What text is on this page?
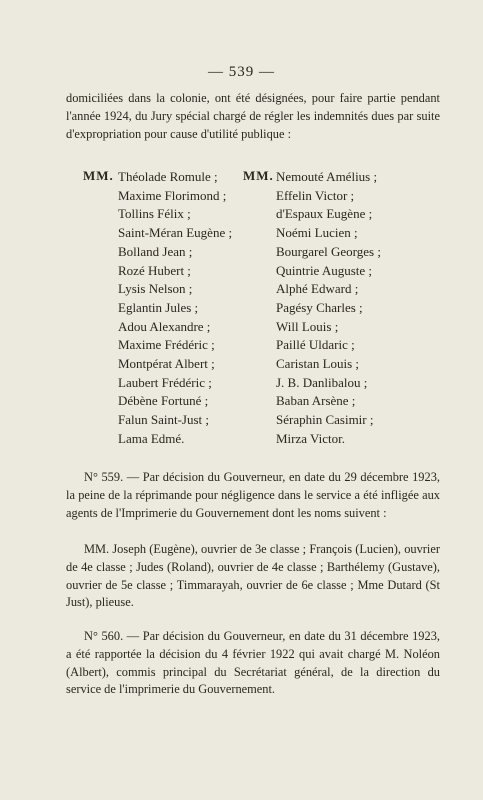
— 539 —
domiciliées dans la colonie, ont été désignées, pour faire partie pendant l'année 1924, du Jury spécial chargé de régler les indemnités dues par suite d'expropriation pour cause d'utilité publique :
MM. Théolade Romule ;
Maxime Florimond ;
Tollins Félix ;
Saint-Méran Eugène ;
Bolland Jean ;
Rozé Hubert ;
Lysis Nelson ;
Eglantin Jules ;
Adou Alexandre ;
Maxime Frédéric ;
Montpérat Albert ;
Laubert Frédéric ;
Débène Fortuné ;
Falun Saint-Just ;
Lama Edmé.
MM. Nemouté Amélius ;
Effelin Victor ;
d'Espaux Eugène ;
Noémi Lucien ;
Bourgarel Georges ;
Quintrie Auguste ;
Alphé Edward ;
Pagésy Charles ;
Will Louis ;
Paillé Uldaric ;
Caristan Louis ;
J. B. Danlibalou ;
Baban Arsène ;
Séraphin Casimir ;
Mirza Victor.

N° 559. — Par décision du Gouverneur, en date du 29 décembre 1923, la peine de la réprimande pour négligence dans le service a été infligée aux agents de l'Imprimerie du Gouvernement dont les noms suivent :

MM. Joseph (Eugène), ouvrier de 3e classe ; François (Lucien), ouvrier de 4e classe ; Judes (Roland), ouvrier de 4e classe ; Barthélemy (Gustave), ouvrier de 5e classe ; Timmarayah, ouvrier de 6e classe ; Mme Dutard (St Just), plieuse.

N° 560. — Par décision du Gouverneur, en date du 31 décembre 1923, a été rapportée la décision du 4 février 1922 qui avait chargé M. Noléon (Albert), commis principal du Secrétariat général, de la direction du service de l'imprimerie du Gouvernement.
